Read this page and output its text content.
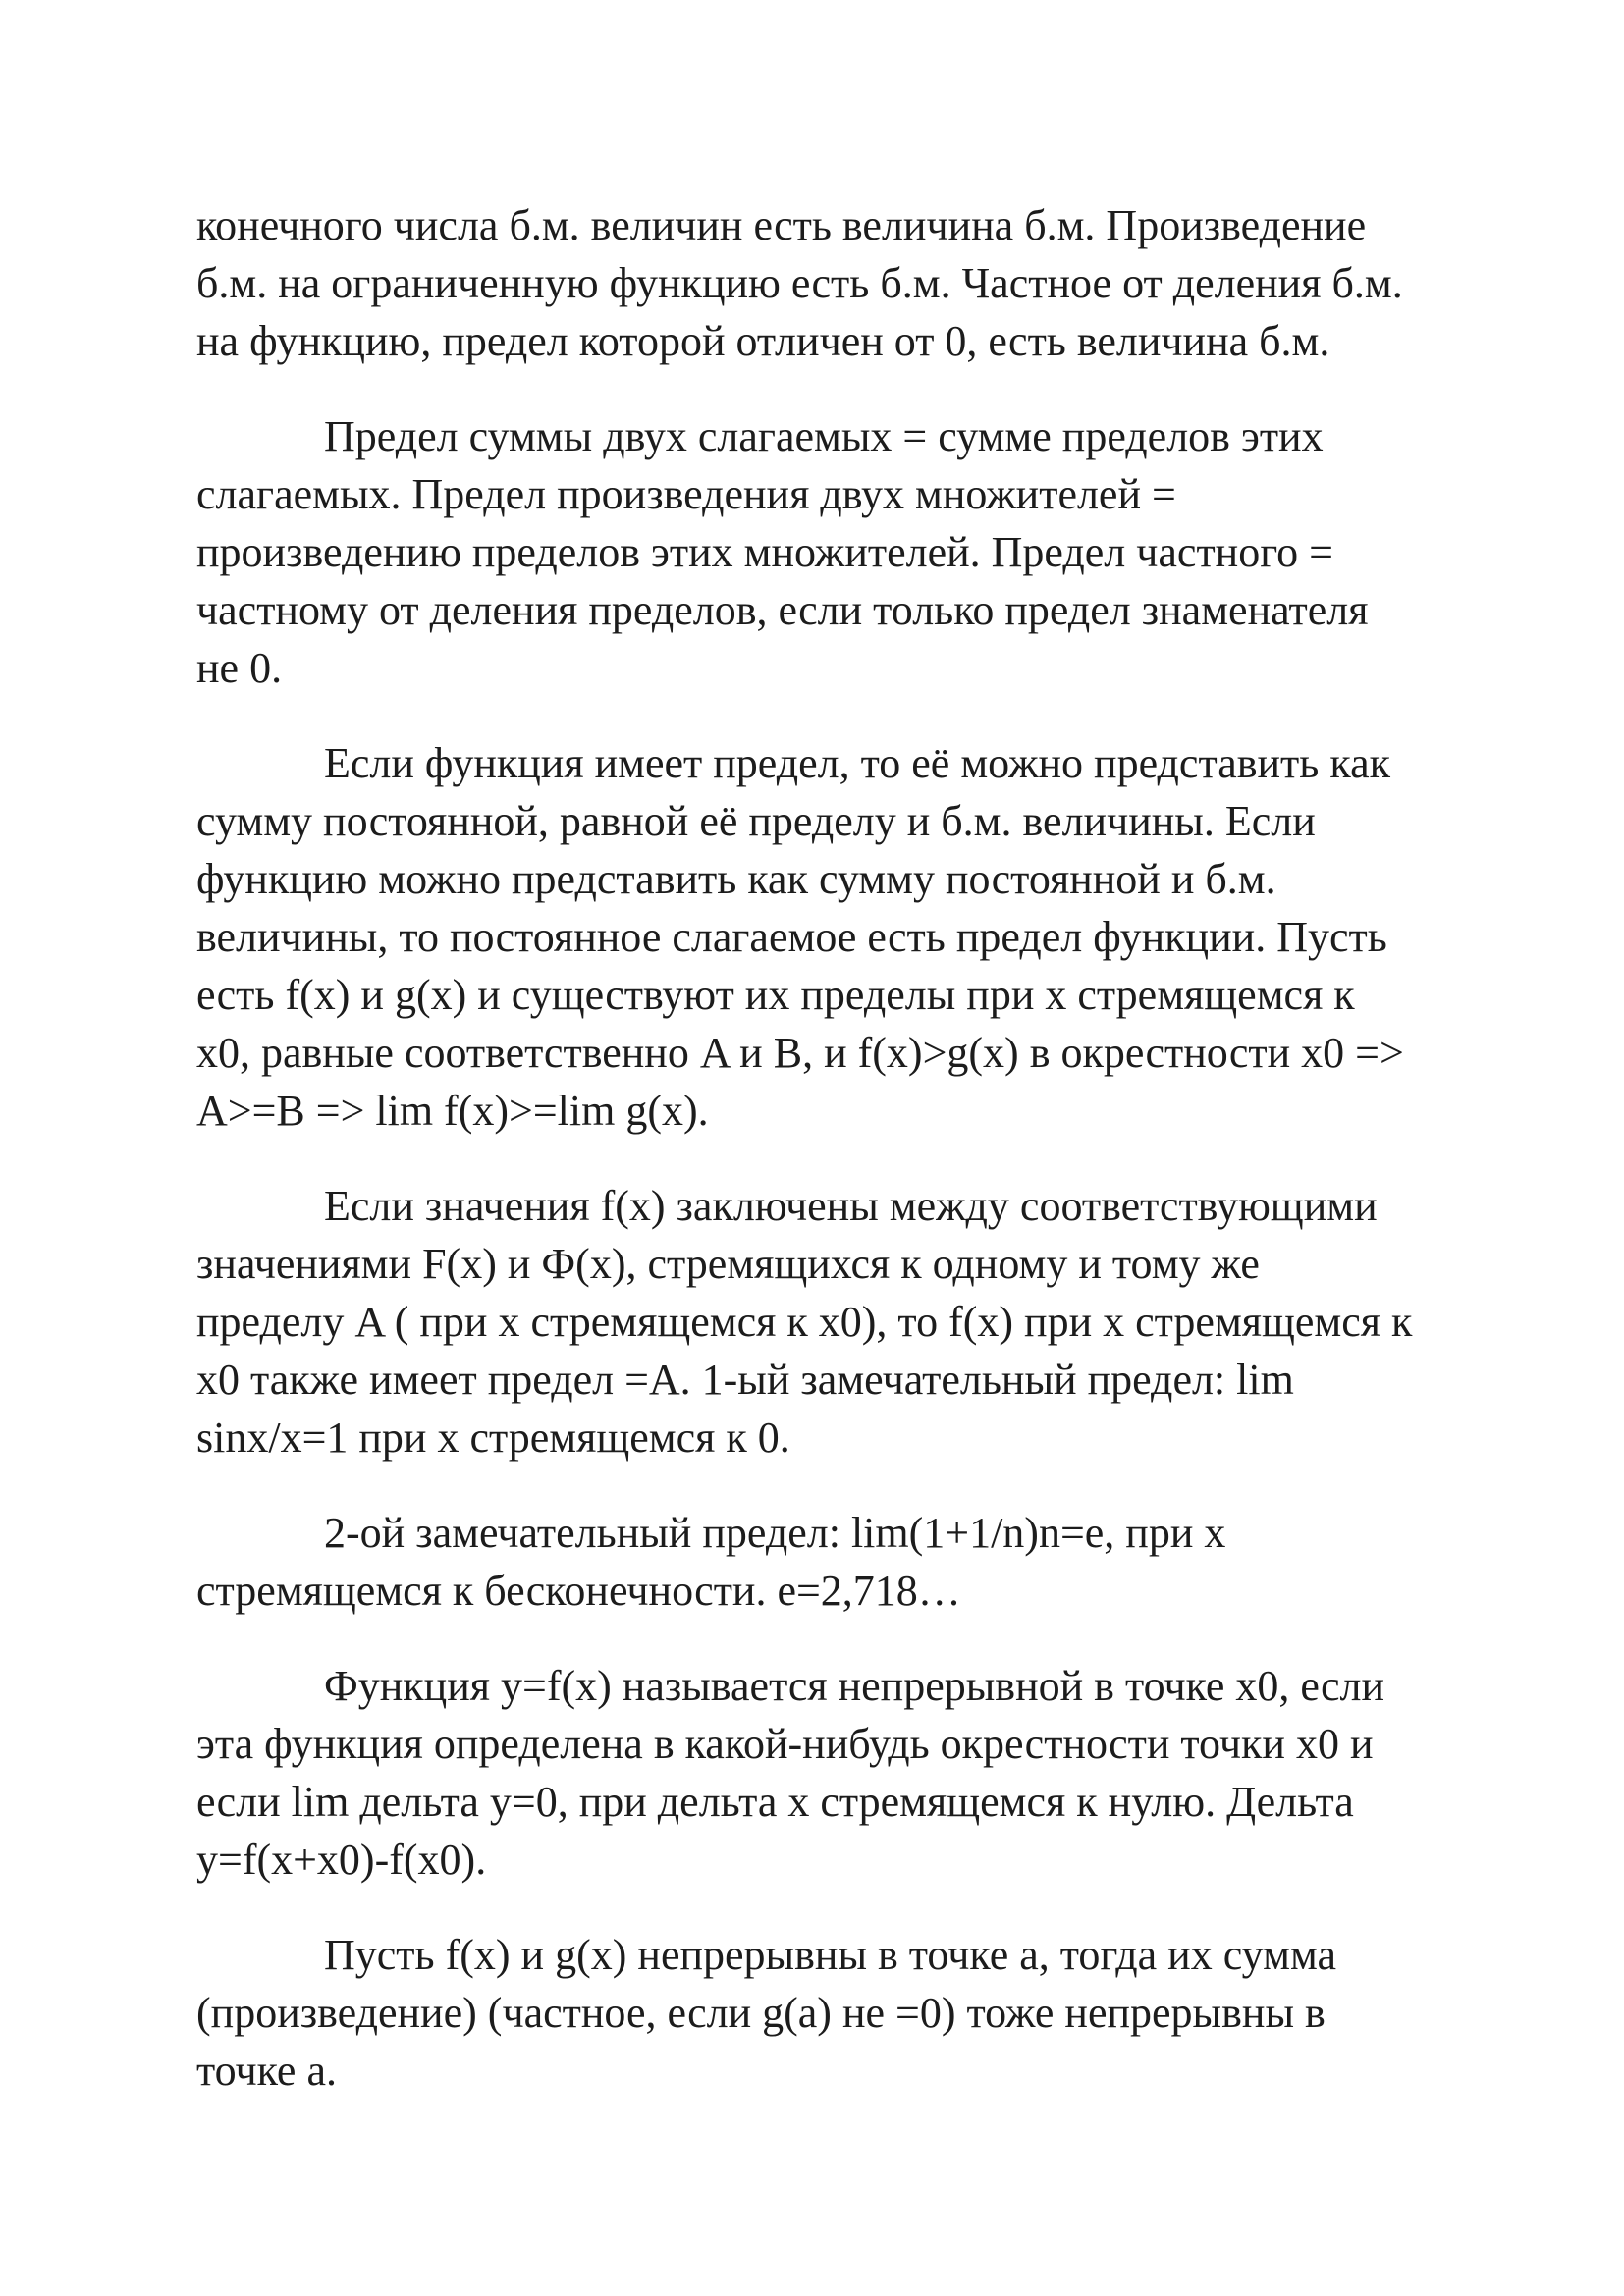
конечного числа б.м. величин есть величина б.м. Произведение
б.м. на ограниченную функцию есть б.м. Частное от деления б.м.
на функцию, предел которой отличен от 0, есть величина б.м.

Предел суммы двух слагаемых = сумме пределов этих
слагаемых. Предел произведения двух множителей =
произведению пределов этих множителей. Предел частного =
частному от деления пределов, если только предел знаменателя
не 0.

Если функция имеет предел, то её можно представить как
сумму постоянной, равной её пределу и б.м. величины. Если
функцию можно представить как сумму постоянной и б.м.
величины, то постоянное слагаемое есть предел функции. Пусть
есть f(x) и g(x) и существуют их пределы при x стремящемся к
x0, равные соответственно A и B, и f(x)>g(x) в окрестности x0 =>
A>=B => lim f(x)>=lim g(x).

Если значения f(x) заключены между соответствующими
значениями F(x) и Ф(x), стремящихся к одному и тому же
пределу A ( при x стремящемся к x0), то f(x) при x стремящемся к
x0 также имеет предел =A. 1-ый замечательный предел: lim
sinx/x=1 при x стремящемся к 0.

2-ой замечательный предел: lim(1+1/n)n=e, при x
стремящемся к бесконечности. e=2,718…

Функция y=f(x) называется непрерывной в точке x0, если
эта функция определена в какой-нибудь окрестности точки x0 и
если lim дельта y=0, при дельта x стремящемся к нулю. Дельта
y=f(x+x0)-f(x0).

Пусть f(x) и g(x) непрерывны в точке a, тогда их сумма
(произведение) (частное, если g(a) не =0) тоже непрерывны в
точке a.
